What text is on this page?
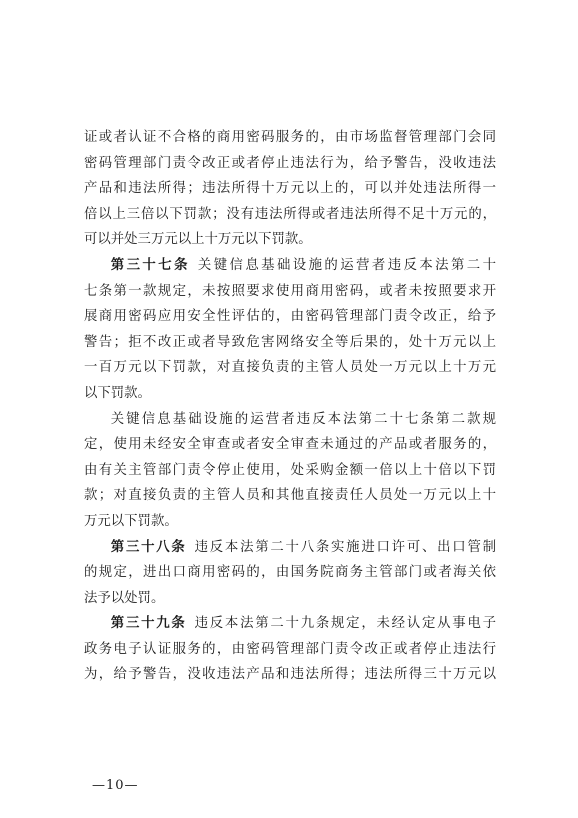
证或者认证不合格的商用密码服务的，由市场监督管理部门会同
密码管理部门责令改正或者停止违法行为，给予警告，没收违法
产品和违法所得；违法所得十万元以上的，可以并处违法所得一
倍以上三倍以下罚款；没有违法所得或者违法所得不足十万元的，
可以并处三万元以上十万元以下罚款。
第三十七条 关键信息基础设施的运营者违反本法第二十
七条第一款规定，未按照要求使用商用密码，或者未按照要求开
展商用密码应用安全性评估的，由密码管理部门责令改正，给予
警告；拒不改正或者导致危害网络安全等后果的，处十万元以上
一百万元以下罚款，对直接负责的主管人员处一万元以上十万元
以下罚款。
关键信息基础设施的运营者违反本法第二十七条第二款规
定，使用未经安全审查或者安全审查未通过的产品或者服务的，
由有关主管部门责令停止使用，处采购金额一倍以上十倍以下罚
款；对直接负责的主管人员和其他直接责任人员处一万元以上十
万元以下罚款。
第三十八条 违反本法第二十八条实施进口许可、出口管制
的规定，进出口商用密码的，由国务院商务主管部门或者海关依
法予以处罚。
第三十九条 违反本法第二十九条规定，未经认定从事电子
政务电子认证服务的，由密码管理部门责令改正或者停止违法行
为，给予警告，没收违法产品和违法所得；违法所得三十万元以
—10—
